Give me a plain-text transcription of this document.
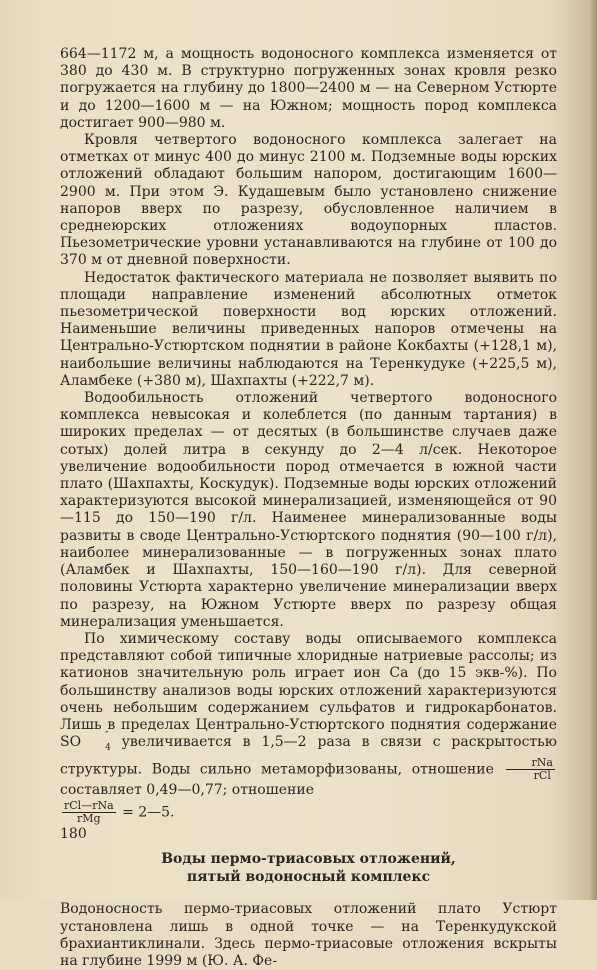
664—1172 м, а мощность водоносного комплекса изменяется от 380 до 430 м. В структурно погруженных зонах кровля резко погружается на глубину до 1800—2400 м — на Северном Устюрте и до 1200—1600 м — на Южном; мощность пород комплекса достигает 900—980 м.

Кровля четвертого водоносного комплекса залегает на отметках от минус 400 до минус 2100 м. Подземные воды юрских отложений обладают большим напором, достигающим 1600—2900 м. При этом Э. Кудашевым было установлено снижение напоров вверх по разрезу, обусловленное наличием в среднеюрских отложениях водоупорных пластов. Пьезометрические уровни устанавливаются на глубине от 100 до 370 м от дневной поверхности.

Недостаток фактического материала не позволяет выявить по площади направление изменений абсолютных отметок пьезометрической поверхности вод юрских отложений. Наименьшие величины приведенных напоров отмечены на Центрально-Устюртском поднятии в районе Кокбахты (+128,1 м), наибольшие величины наблюдаются на Теренкудуке (+225,5 м), Аламбеке (+380 м), Шахпахты (+222,7 м).

Водообильность отложений четвертого водоносного комплекса невысокая и колеблется (по данным тартания) в широких пределах — от десятых (в большинстве случаев даже сотых) долей литра в секунду до 2—4 л/сек. Некоторое увеличение водообильности пород отмечается в южной части плато (Шахпахты, Коскудук). Подземные воды юрских отложений характеризуются высокой минерализацией, изменяющейся от 90—115 до 150—190 г/л. Наименее минерализованные воды развиты в своде Центрально-Устюртского поднятия (90—100 г/л), наиболее минерализованные — в погруженных зонах плато (Аламбек и Шахпахты, 150—160—190 г/л). Для северной половины Устюрта характерно увеличение минерализации вверх по разрезу, на Южном Устюрте вверх по разрезу общая минерализация уменьшается.

По химическому составу воды описываемого комплекса представляют собой типичные хлоридные натриевые рассолы; из катионов значительную роль играет ион Са (до 15 экв-%). По большинству анализов воды юрских отложений характеризуются очень небольшим содержанием сульфатов и гидрокарбонатов. Лишь в пределах Центрально-Устюртского поднятия содержание SO	$_4$
″ увеличивается в 1,5—2 раза в связи с раскрытостью структуры. Воды сильно метаморфизованы, отношение $\frac{\text{rNa}}{\text{rCl}}$
составляет 0,49—0,77; отношение

$\frac{\text{rCl—rNa}}{\text{rMg}}$ = 2—5.

Воды пермо-триасовых отложений,
пятый водоносный комплекс

Водоносность пермо-триасовых отложений плато Устюрт установлена лишь в одной точке — на Теренкудукской брахиантиклинали. Здесь пермо-триасовые отложения вскрыты на глубине 1999 м (Ю. А. Фе-

180
